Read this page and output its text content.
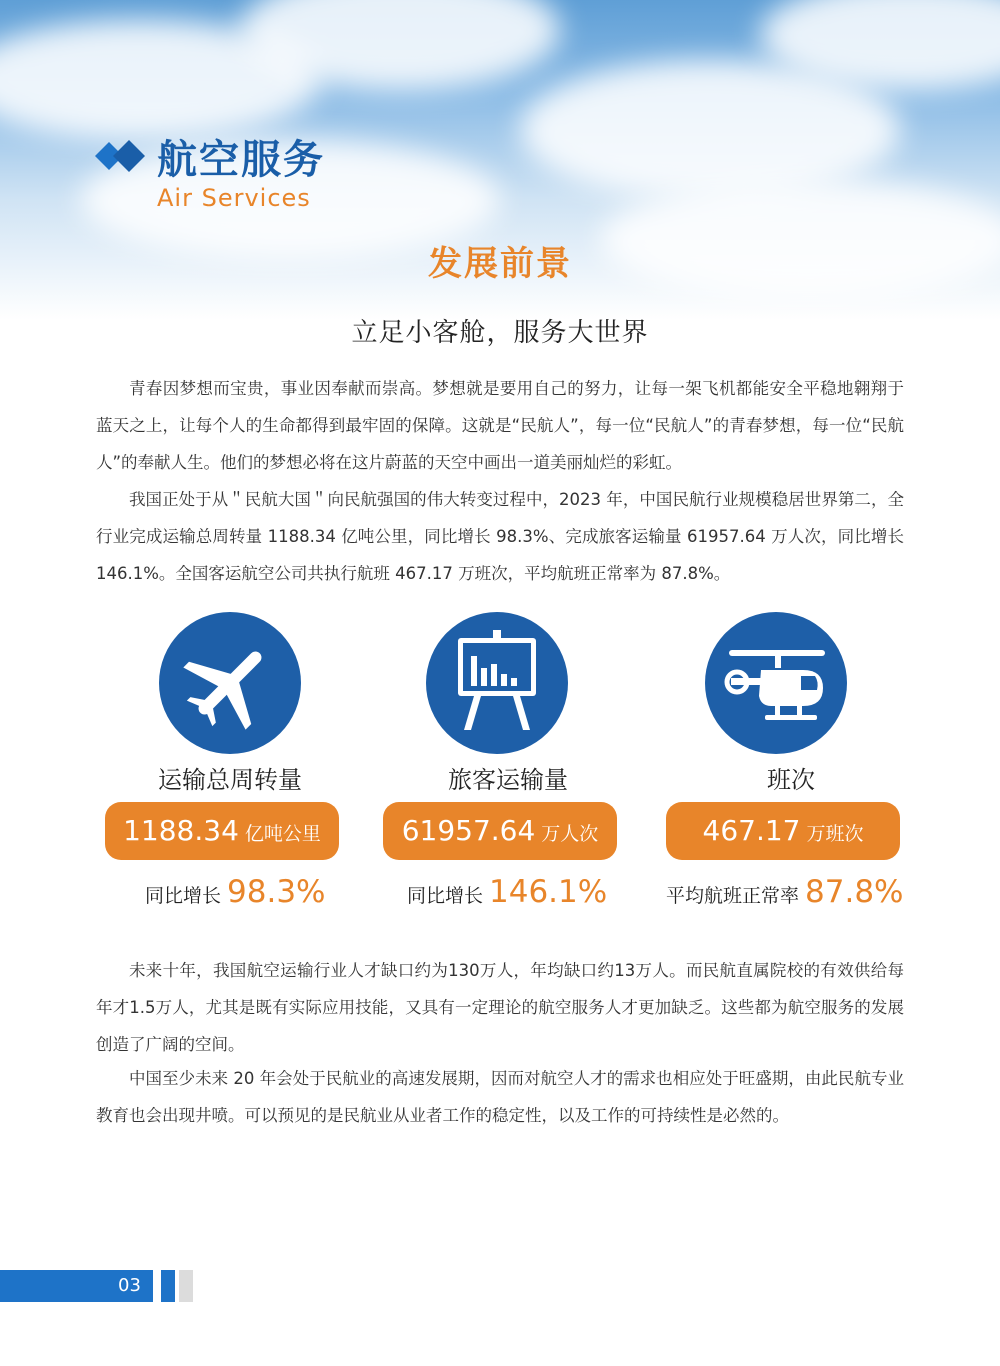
航空服务
Air Services
发展前景
立足小客舱，服务大世界

青春因梦想而宝贵，事业因奉献而崇高。梦想就是要用自己的努力，让每一架飞机都能安全平稳地翱翔于蓝天之上，让每个人的生命都得到最牢固的保障。这就是“民航人”，每一位“民航人”的青春梦想，每一位“民航人”的奉献人生。他们的梦想必将在这片蔚蓝的天空中画出一道美丽灿烂的彩虹。

我国正处于从＂民航大国＂向民航强国的伟大转变过程中，2023 年，中国民航行业规模稳居世界第二，全行业完成运输总周转量 1188.34 亿吨公里，同比增长 98.3%、完成旅客运输量 61957.64 万人次，同比增长 146.1%。全国客运航空公司共执行航班 467.17 万班次，平均航班正常率为 87.8%。

运输总周转量
1188.34 亿吨公里
同比增长 98.3%
旅客运输量
61957.64 万人次
同比增长 146.1%
班次
467.17 万班次
平均航班正常率 87.8%

未来十年，我国航空运输行业人才缺口约为130万人，年均缺口约13万人。而民航直属院校的有效供给每年才1.5万人，尤其是既有实际应用技能，又具有一定理论的航空服务人才更加缺乏。这些都为航空服务的发展创造了广阔的空间。

中国至少未来 20 年会处于民航业的高速发展期，因而对航空人才的需求也相应处于旺盛期，由此民航专业教育也会出现井喷。可以预见的是民航业从业者工作的稳定性，以及工作的可持续性是必然的。

03
